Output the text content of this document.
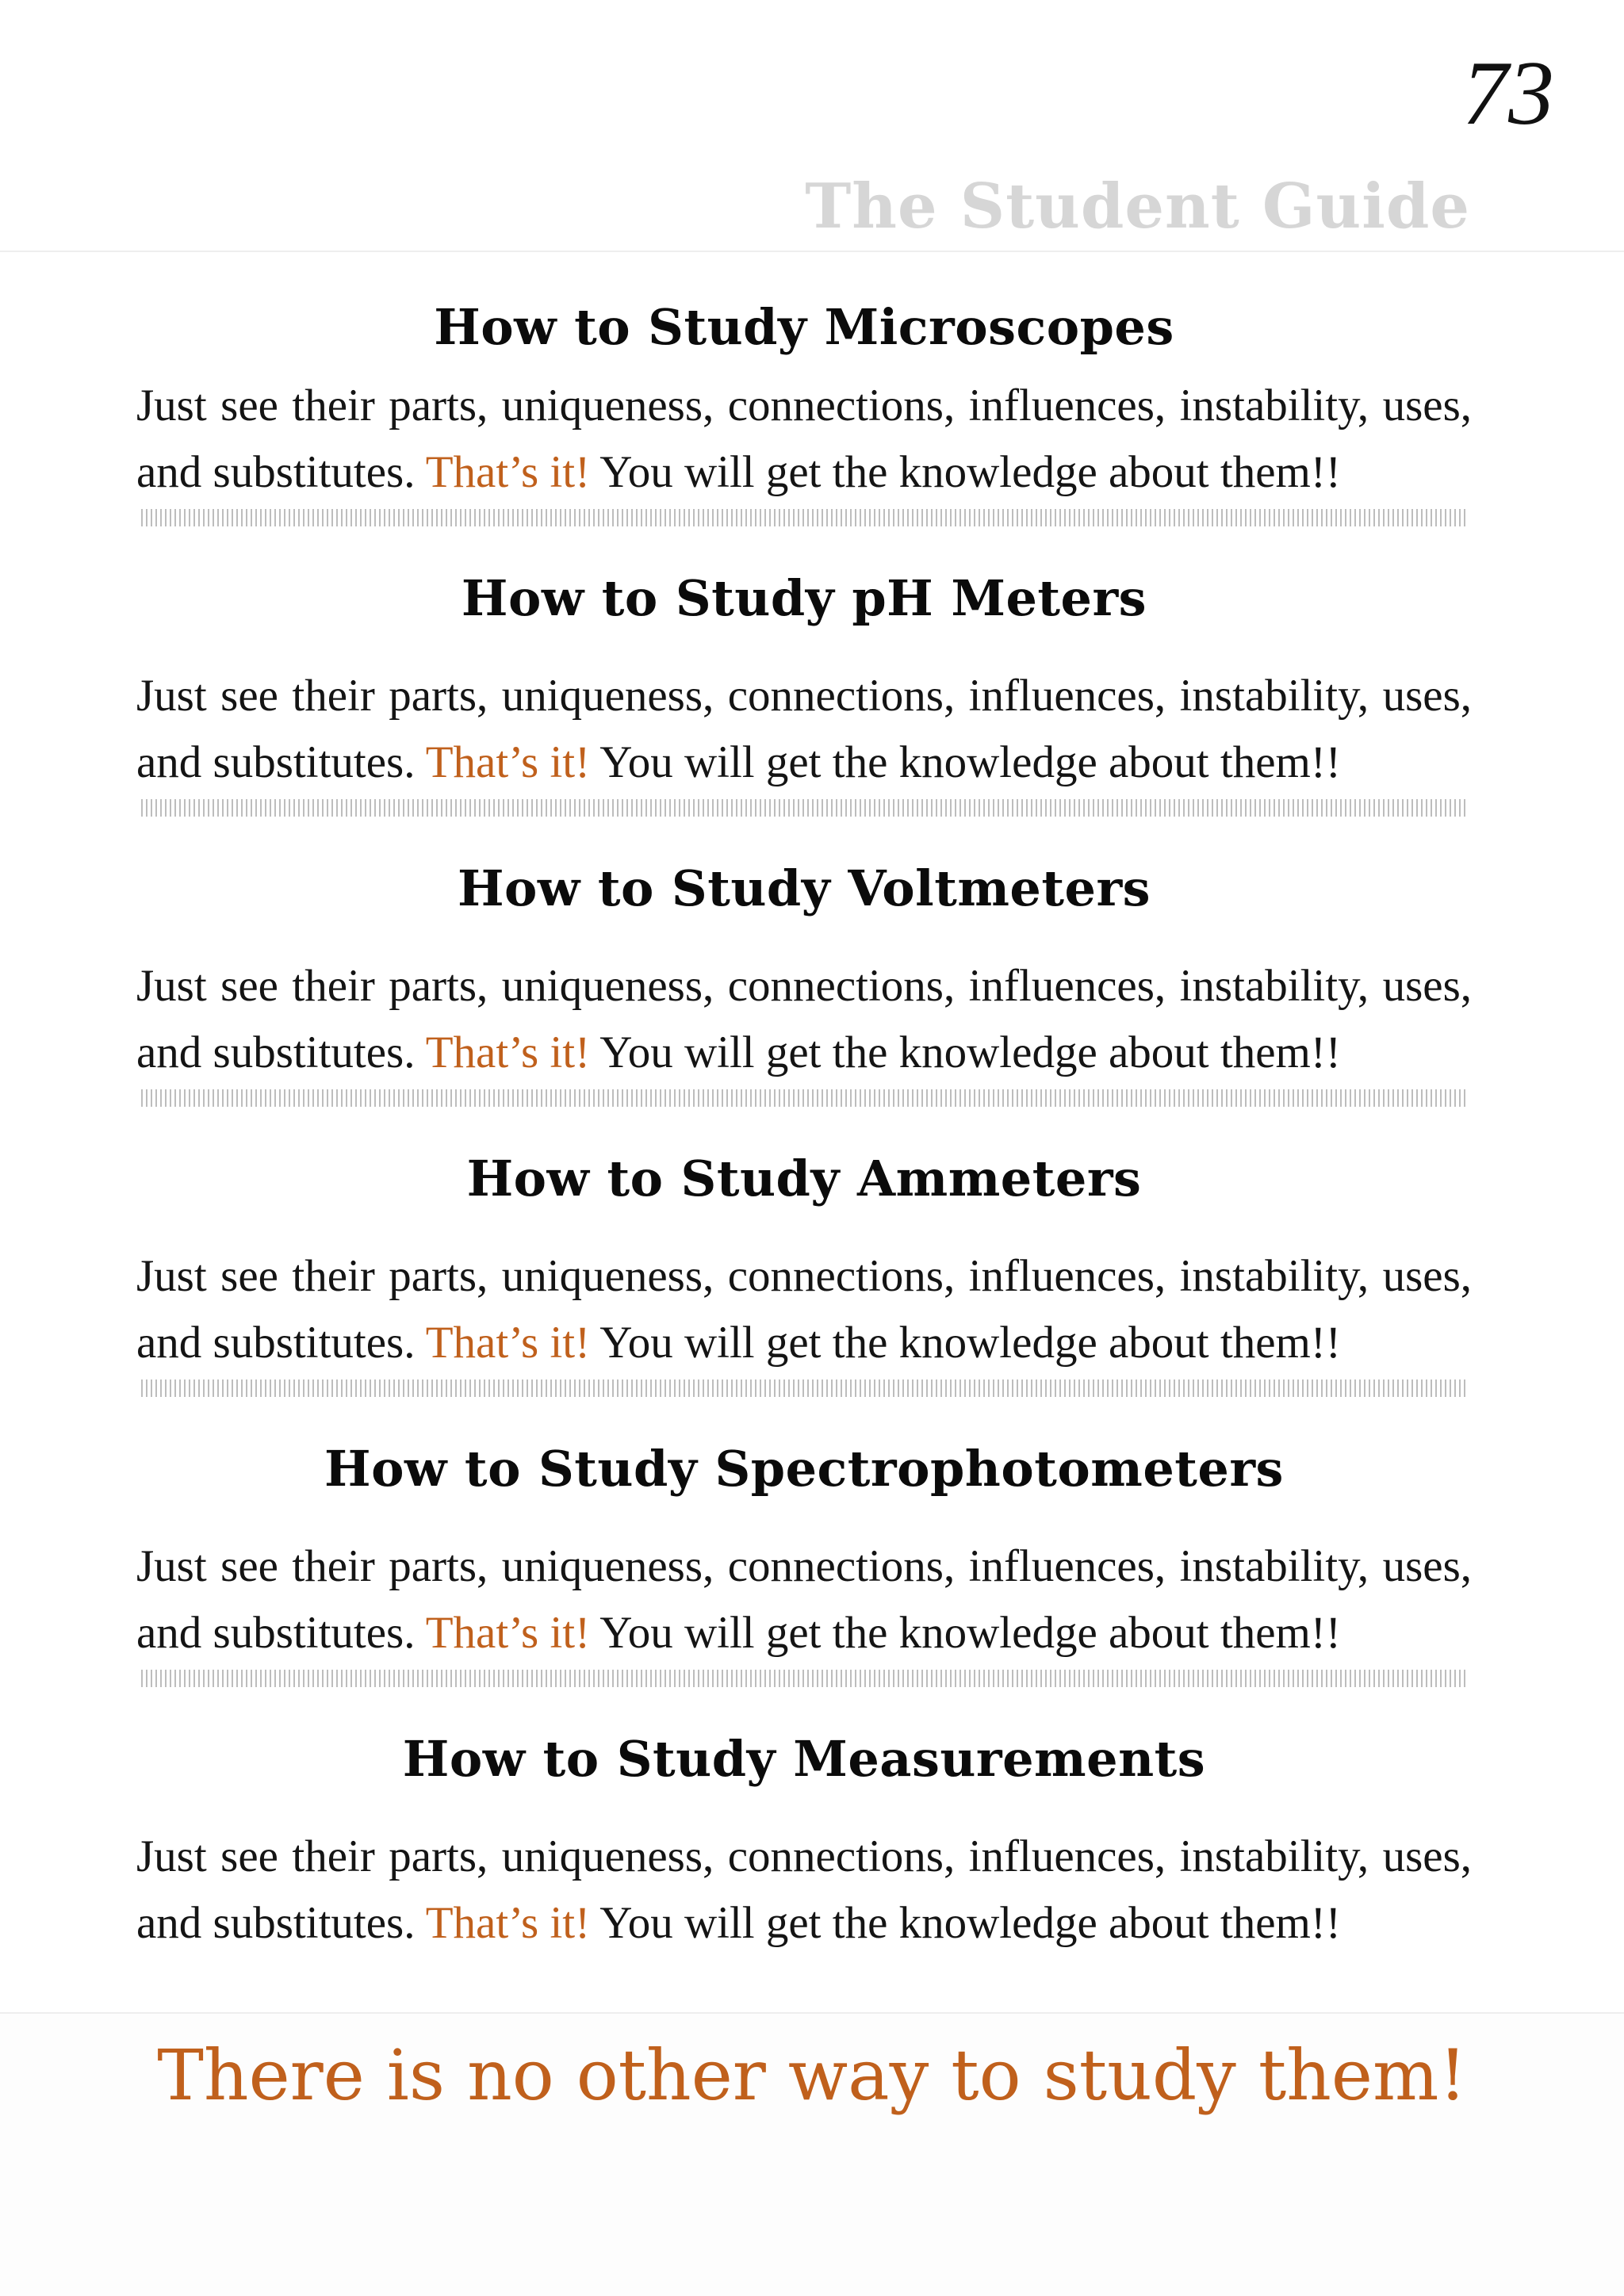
73
The Student Guide
How to Study Microscopes

Just see their parts, uniqueness, connections, influences, instability, uses, and substitutes. That’s it! You will get the knowledge about them!!

How to Study pH Meters

Just see their parts, uniqueness, connections, influences, instability, uses, and substitutes. That’s it! You will get the knowledge about them!!

How to Study Voltmeters

Just see their parts, uniqueness, connections, influences, instability, uses, and substitutes. That’s it! You will get the knowledge about them!!

How to Study Ammeters

Just see their parts, uniqueness, connections, influences, instability, uses, and substitutes. That’s it! You will get the knowledge about them!!

How to Study Spectrophotometers

Just see their parts, uniqueness, connections, influences, instability, uses, and substitutes. That’s it! You will get the knowledge about them!!

How to Study Measurements

Just see their parts, uniqueness, connections, influences, instability, uses, and substitutes. That’s it! You will get the knowledge about them!!

There is no other way to study them!
